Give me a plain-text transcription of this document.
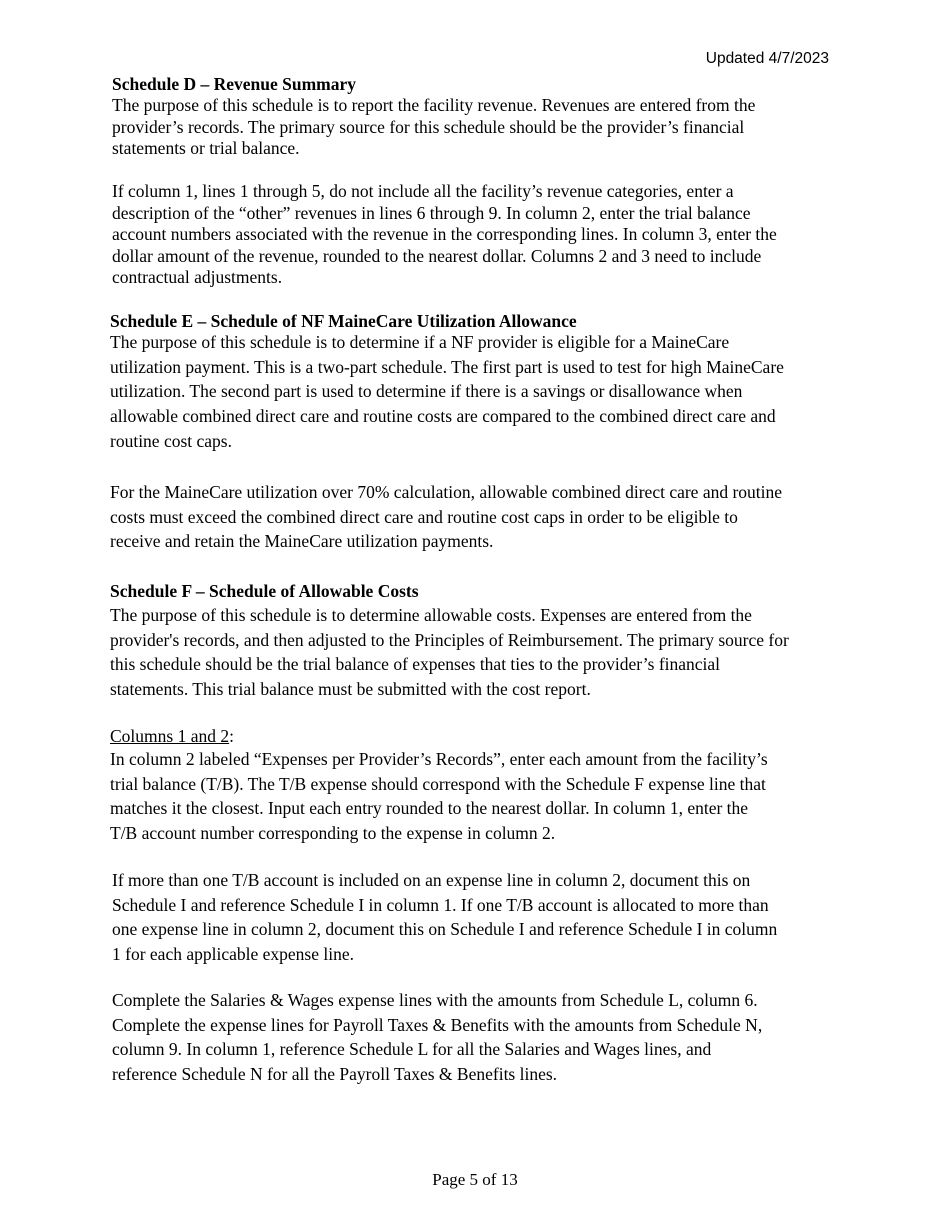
Updated 4/7/2023

Schedule D – Revenue Summary

The purpose of this schedule is to report the facility revenue. Revenues are entered from the
provider’s records. The primary source for this schedule should be the provider’s financial
statements or trial balance.
If column 1, lines 1 through 5, do not include all the facility’s revenue categories, enter a
description of the “other” revenues in lines 6 through 9. In column 2, enter the trial balance
account numbers associated with the revenue in the corresponding lines. In column 3, enter the
dollar amount of the revenue, rounded to the nearest dollar. Columns 2 and 3 need to include
contractual adjustments.

Schedule E – Schedule of NF MaineCare Utilization Allowance

The purpose of this schedule is to determine if a NF provider is eligible for a MaineCare
utilization payment. This is a two-part schedule. The first part is used to test for high MaineCare
utilization. The second part is used to determine if there is a savings or disallowance when
allowable combined direct care and routine costs are compared to the combined direct care and
routine cost caps.
For the MaineCare utilization over 70% calculation, allowable combined direct care and routine
costs must exceed the combined direct care and routine cost caps in order to be eligible to
receive and retain the MaineCare utilization payments.

Schedule F – Schedule of Allowable Costs

The purpose of this schedule is to determine allowable costs. Expenses are entered from the
provider's records, and then adjusted to the Principles of Reimbursement. The primary source for
this schedule should be the trial balance of expenses that ties to the provider’s financial
statements. This trial balance must be submitted with the cost report.
Columns 1 and 2:
In column 2 labeled “Expenses per Provider’s Records”, enter each amount from the facility’s
trial balance (T/B). The T/B expense should correspond with the Schedule F expense line that
matches it the closest. Input each entry rounded to the nearest dollar. In column 1, enter the
T/B account number corresponding to the expense in column 2.
If more than one T/B account is included on an expense line in column 2, document this on
Schedule I and reference Schedule I in column 1. If one T/B account is allocated to more than
one expense line in column 2, document this on Schedule I and reference Schedule I in column
1 for each applicable expense line.
Complete the Salaries & Wages expense lines with the amounts from Schedule L, column 6.
Complete the expense lines for Payroll Taxes & Benefits with the amounts from Schedule N,
column 9. In column 1, reference Schedule L for all the Salaries and Wages lines, and
reference Schedule N for all the Payroll Taxes & Benefits lines.

Page 5 of 13
